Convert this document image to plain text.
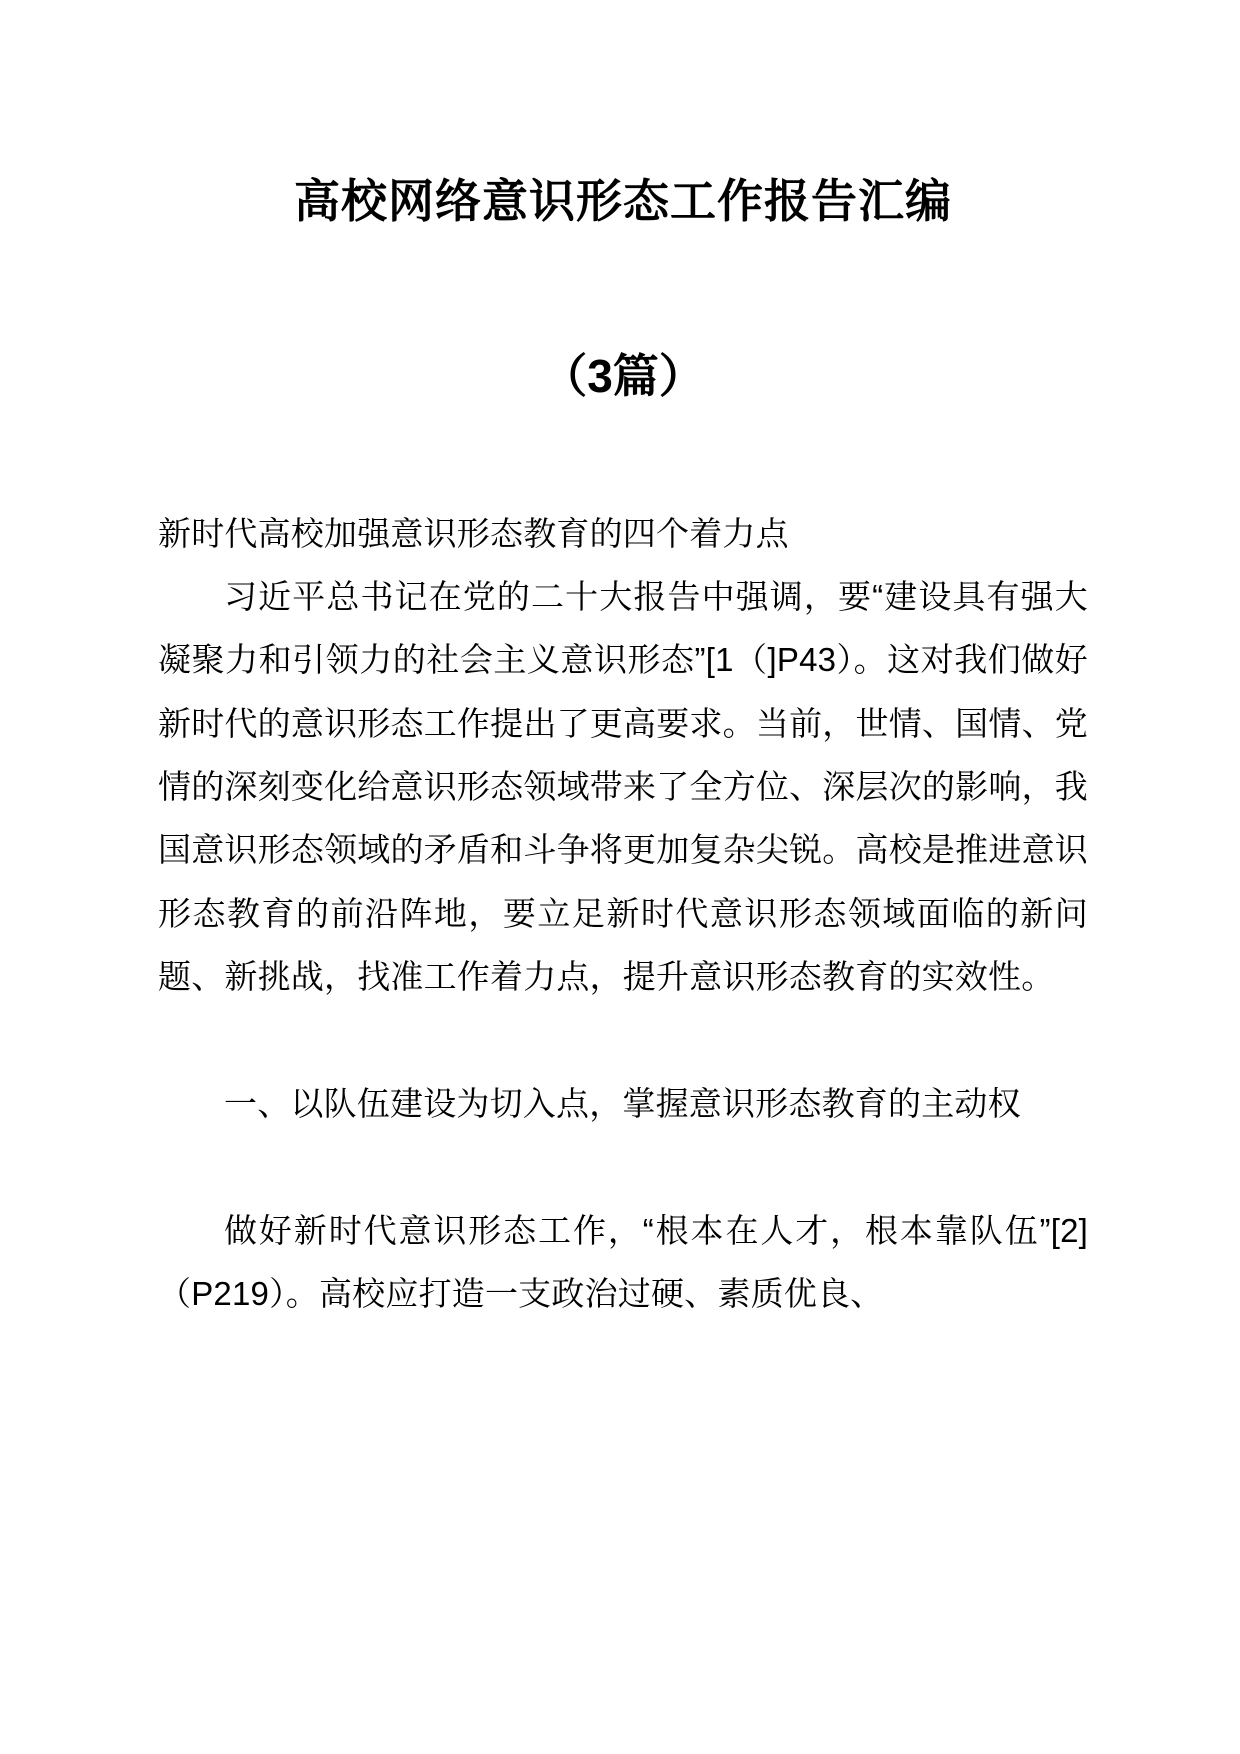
高校网络意识形态工作报告汇编
（3篇）

新时代高校加强意识形态教育的四个着力点

习近平总书记在党的二十大报告中强调，要“建设具有强大凝聚力和引领力的社会主义意识形态”[1（]P43）。这对我们做好新时代的意识形态工作提出了更高要求。当前，世情、国情、党情的深刻变化给意识形态领域带来了全方位、深层次的影响，我国意识形态领域的矛盾和斗争将更加复杂尖锐。高校是推进意识形态教育的前沿阵地，要立足新时代意识形态领域面临的新问题、新挑战，找准工作着力点，提升意识形态教育的实效性。

一、以队伍建设为切入点，掌握意识形态教育的主动权

做好新时代意识形态工作，“根本在人才，根本靠队伍”[2]（P219）。高校应打造一支政治过硬、素质优良、
